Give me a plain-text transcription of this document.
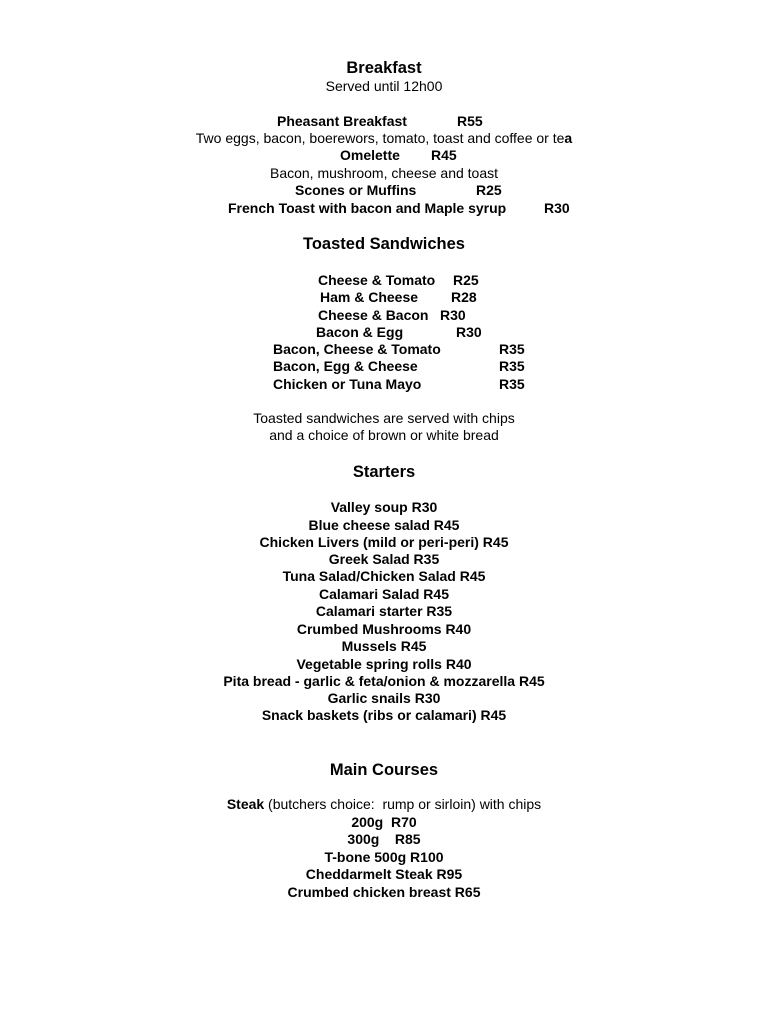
Breakfast
Served until 12h00
Pheasant Breakfast	R55
Two eggs, bacon, boerewors, tomato, toast and coffee or tea
Omelette R45
Bacon, mushroom, cheese and toast
Scones or Muffins	R25
French Toast with bacon and Maple syrup	R30
Toasted Sandwiches
Cheese & Tomato R25
Ham & Cheese R28
Cheese & Bacon R30
Bacon & Egg	R30
Bacon, Cheese & Tomato	R35
Bacon, Egg & Cheese	R35
Chicken or Tuna Mayo	R35
Toasted sandwiches are served with chips
and a choice of brown or white bread
Starters
Valley soup R30
Blue cheese salad R45
Chicken Livers (mild or peri-peri) R45
Greek Salad R35
Tuna Salad/Chicken Salad R45
Calamari Salad R45
Calamari starter R35
Crumbed Mushrooms R40
Mussels R45
Vegetable spring rolls R40
Pita bread - garlic & feta/onion & mozzarella R45
Garlic snails R30
Snack baskets (ribs or calamari) R45
Main Courses
Steak (butchers choice:  rump or sirloin) with chips
200g  R70
300g    R85
T-bone 500g R100
Cheddarmelt Steak R95
Crumbed chicken breast R65
